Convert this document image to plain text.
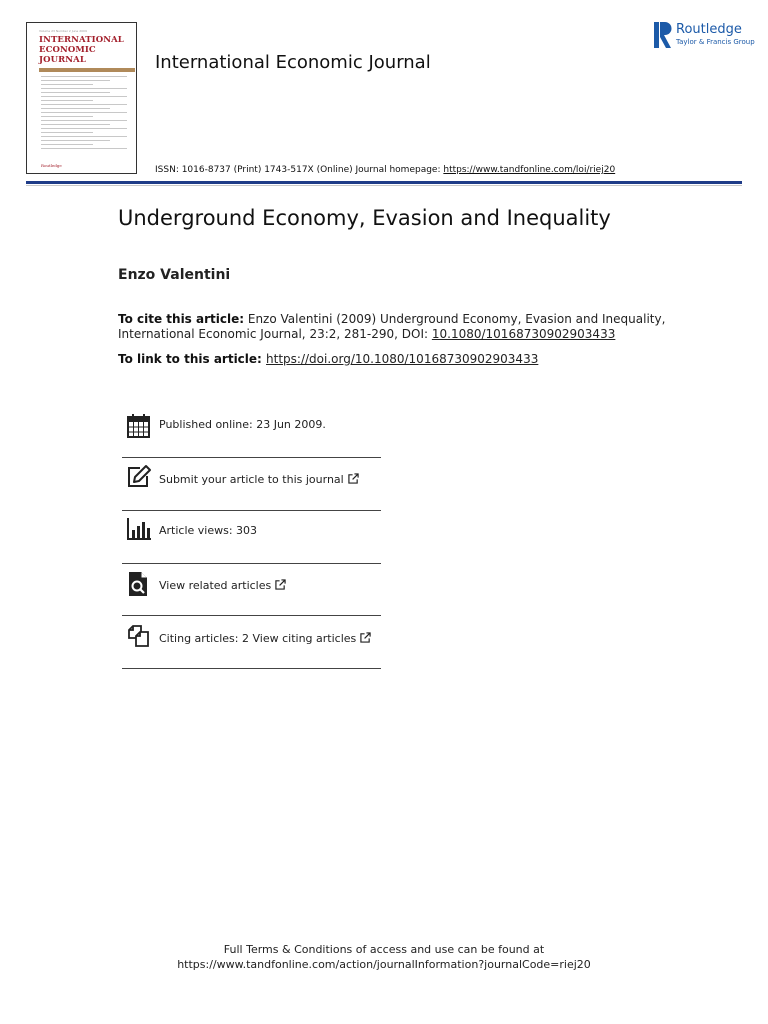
Volume 23 Number 2 June 2009
INTERNATIONAL
ECONOMIC
JOURNAL
Routledge
International Economic Journal
Routledge
Taylor & Francis Group
ISSN: 1016-8737 (Print) 1743-517X (Online) Journal homepage: https://www.tandfonline.com/loi/riej20
Underground Economy, Evasion and Inequality
Enzo Valentini
To cite this article: Enzo Valentini (2009) Underground Economy, Evasion and Inequality, International Economic Journal, 23:2, 281-290, DOI: 10.1080/10168730902903433
To link to this article: https://doi.org/10.1080/10168730902903433
Published online: 23 Jun 2009.
Submit your article to this journal
Article views: 303
View related articles
Citing articles: 2 View citing articles
Full Terms & Conditions of access and use can be found at
https://www.tandfonline.com/action/journalInformation?journalCode=riej20
